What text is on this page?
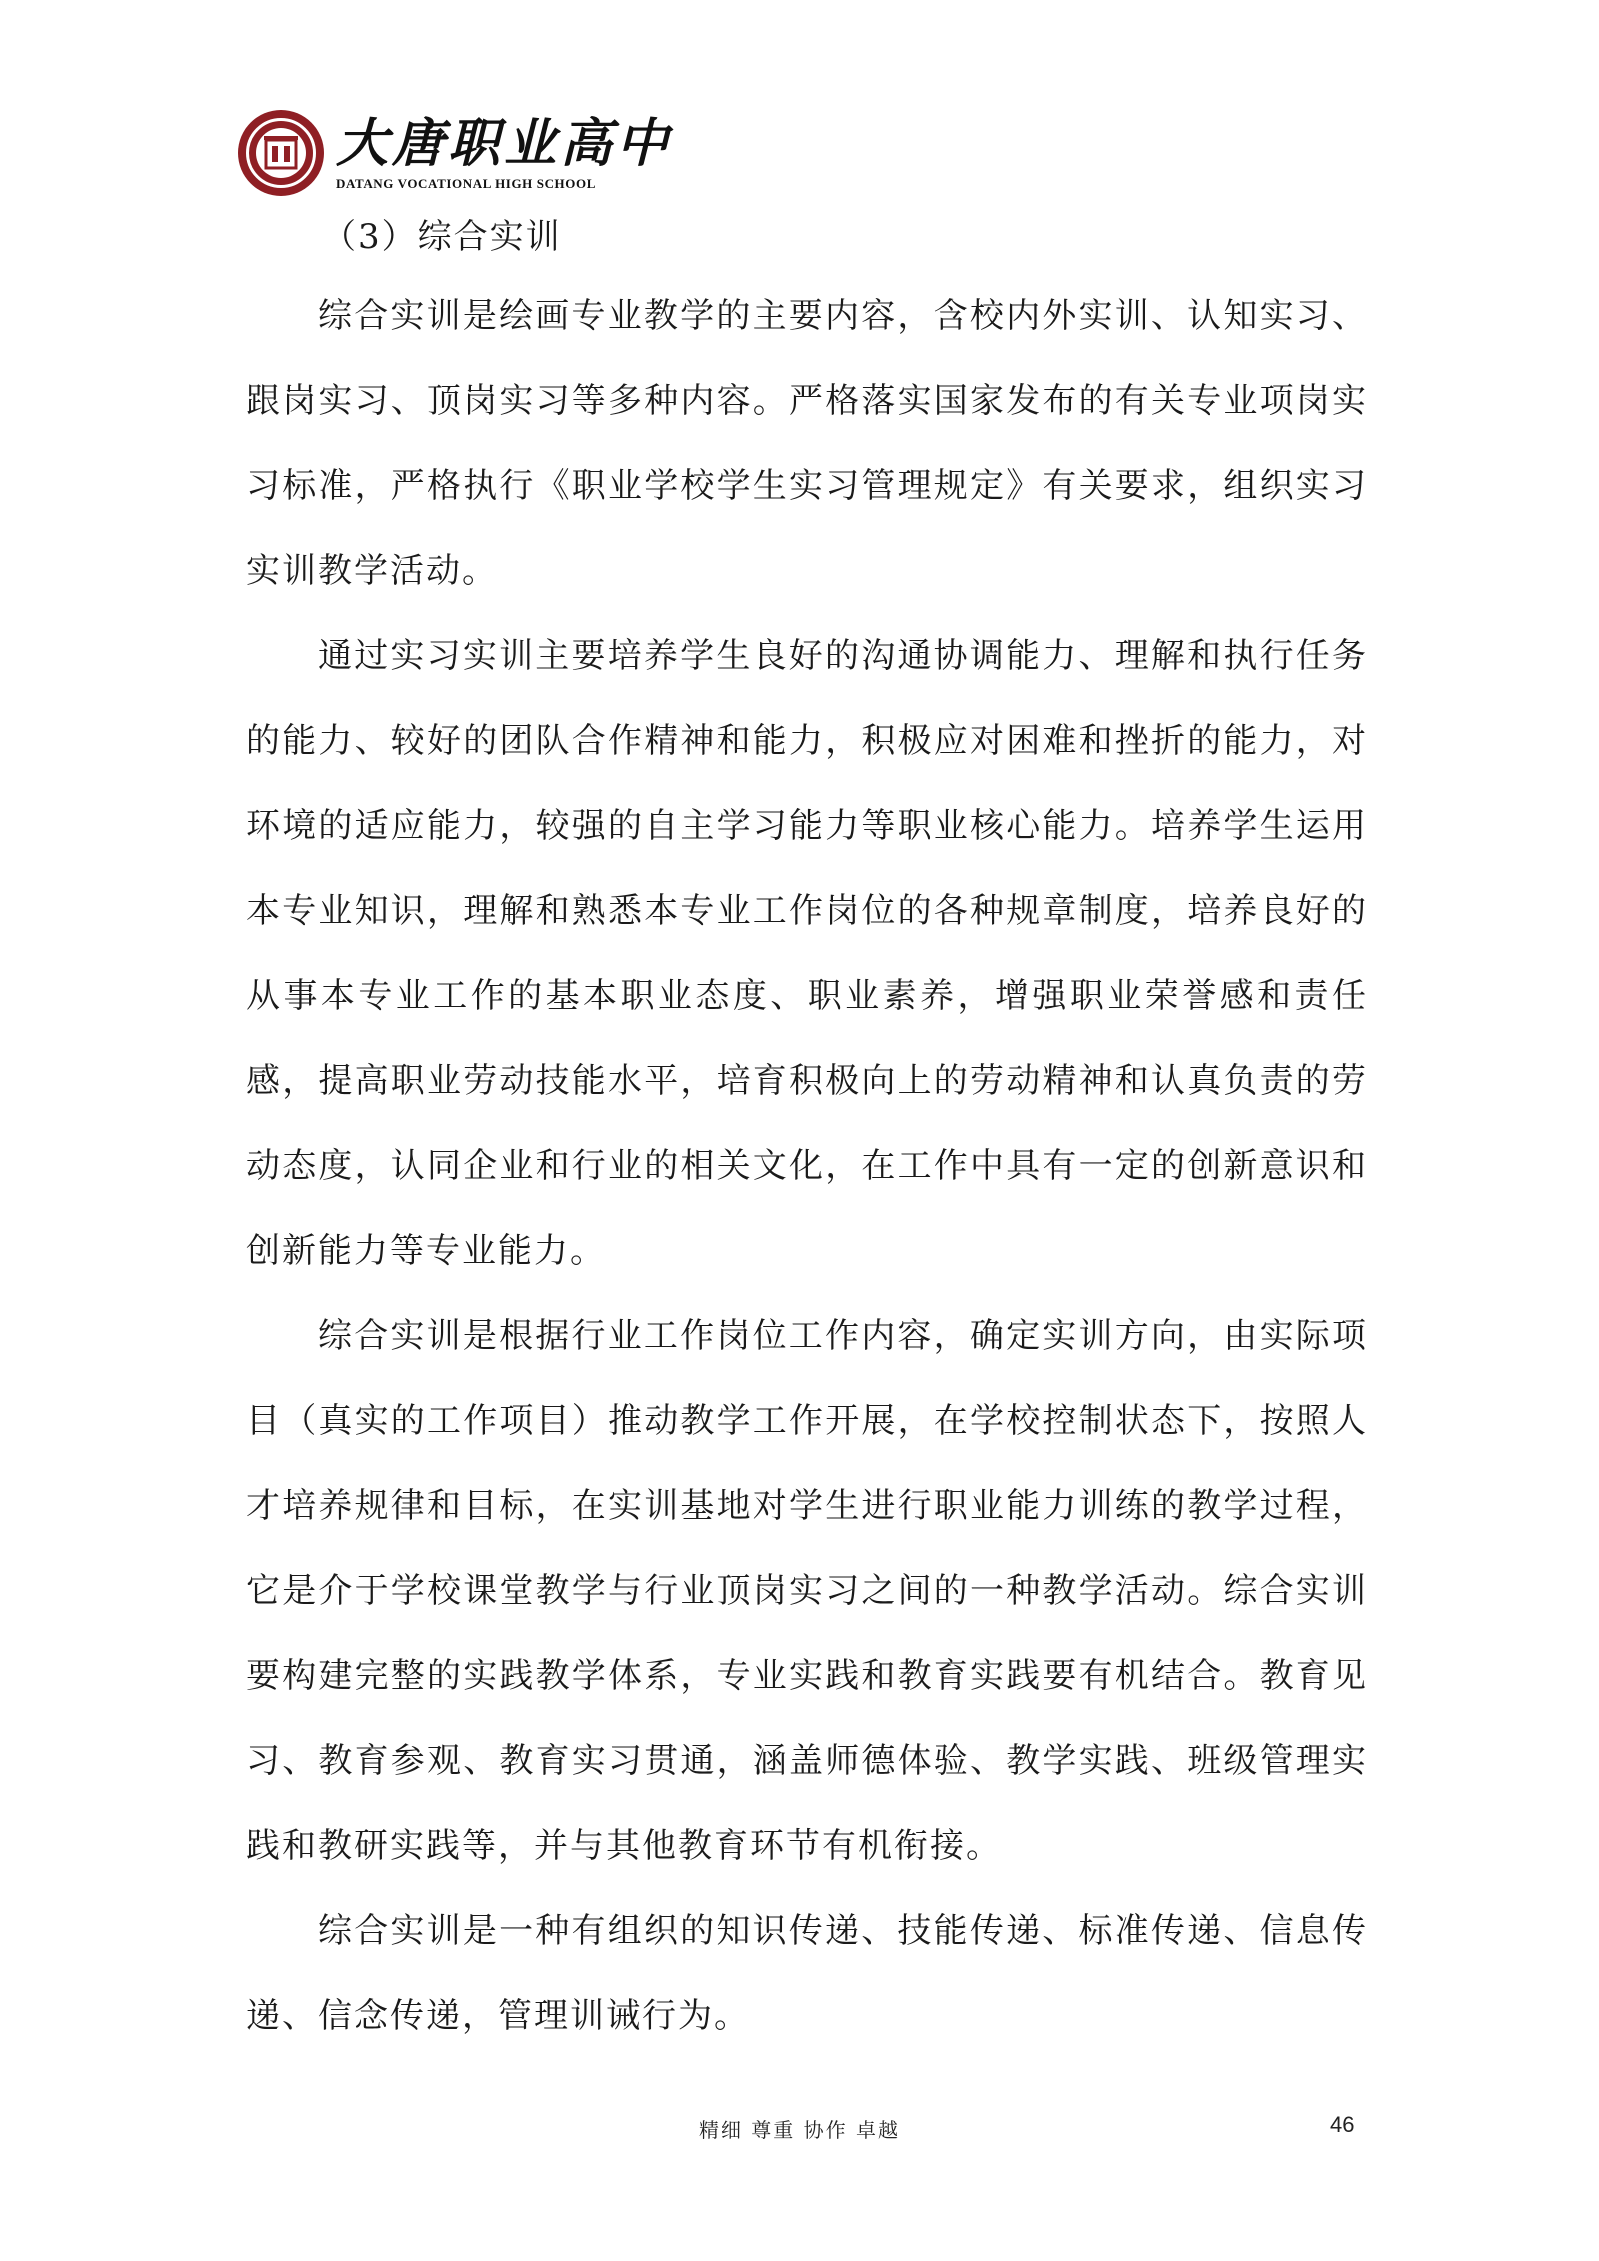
大唐职业高中
DATANG VOCATIONAL HIGH SCHOOL
（3）综合实训

综合实训是绘画专业教学的主要内容，含校内外实训、认知实习、跟岗实习、顶岗实习等多种内容。严格落实国家发布的有关专业项岗实习标准，严格执行《职业学校学生实习管理规定》有关要求，组织实习实训教学活动。

通过实习实训主要培养学生良好的沟通协调能力、理解和执行任务的能力、较好的团队合作精神和能力，积极应对困难和挫折的能力，对环境的适应能力，较强的自主学习能力等职业核心能力。培养学生运用本专业知识，理解和熟悉本专业工作岗位的各种规章制度，培养良好的从事本专业工作的基本职业态度、职业素养，增强职业荣誉感和责任感，提高职业劳动技能水平，培育积极向上的劳动精神和认真负责的劳动态度，认同企业和行业的相关文化，在工作中具有一定的创新意识和创新能力等专业能力。

综合实训是根据行业工作岗位工作内容，确定实训方向，由实际项目（真实的工作项目）推动教学工作开展，在学校控制状态下，按照人才培养规律和目标，在实训基地对学生进行职业能力训练的教学过程，它是介于学校课堂教学与行业顶岗实习之间的一种教学活动。综合实训要构建完整的实践教学体系，专业实践和教育实践要有机结合。教育见习、教育参观、教育实习贯通，涵盖师德体验、教学实践、班级管理实践和教研实践等，并与其他教育环节有机衔接。

综合实训是一种有组织的知识传递、技能传递、标准传递、信息传递、信念传递，管理训诫行为。

精细 尊重 协作 卓越	46
